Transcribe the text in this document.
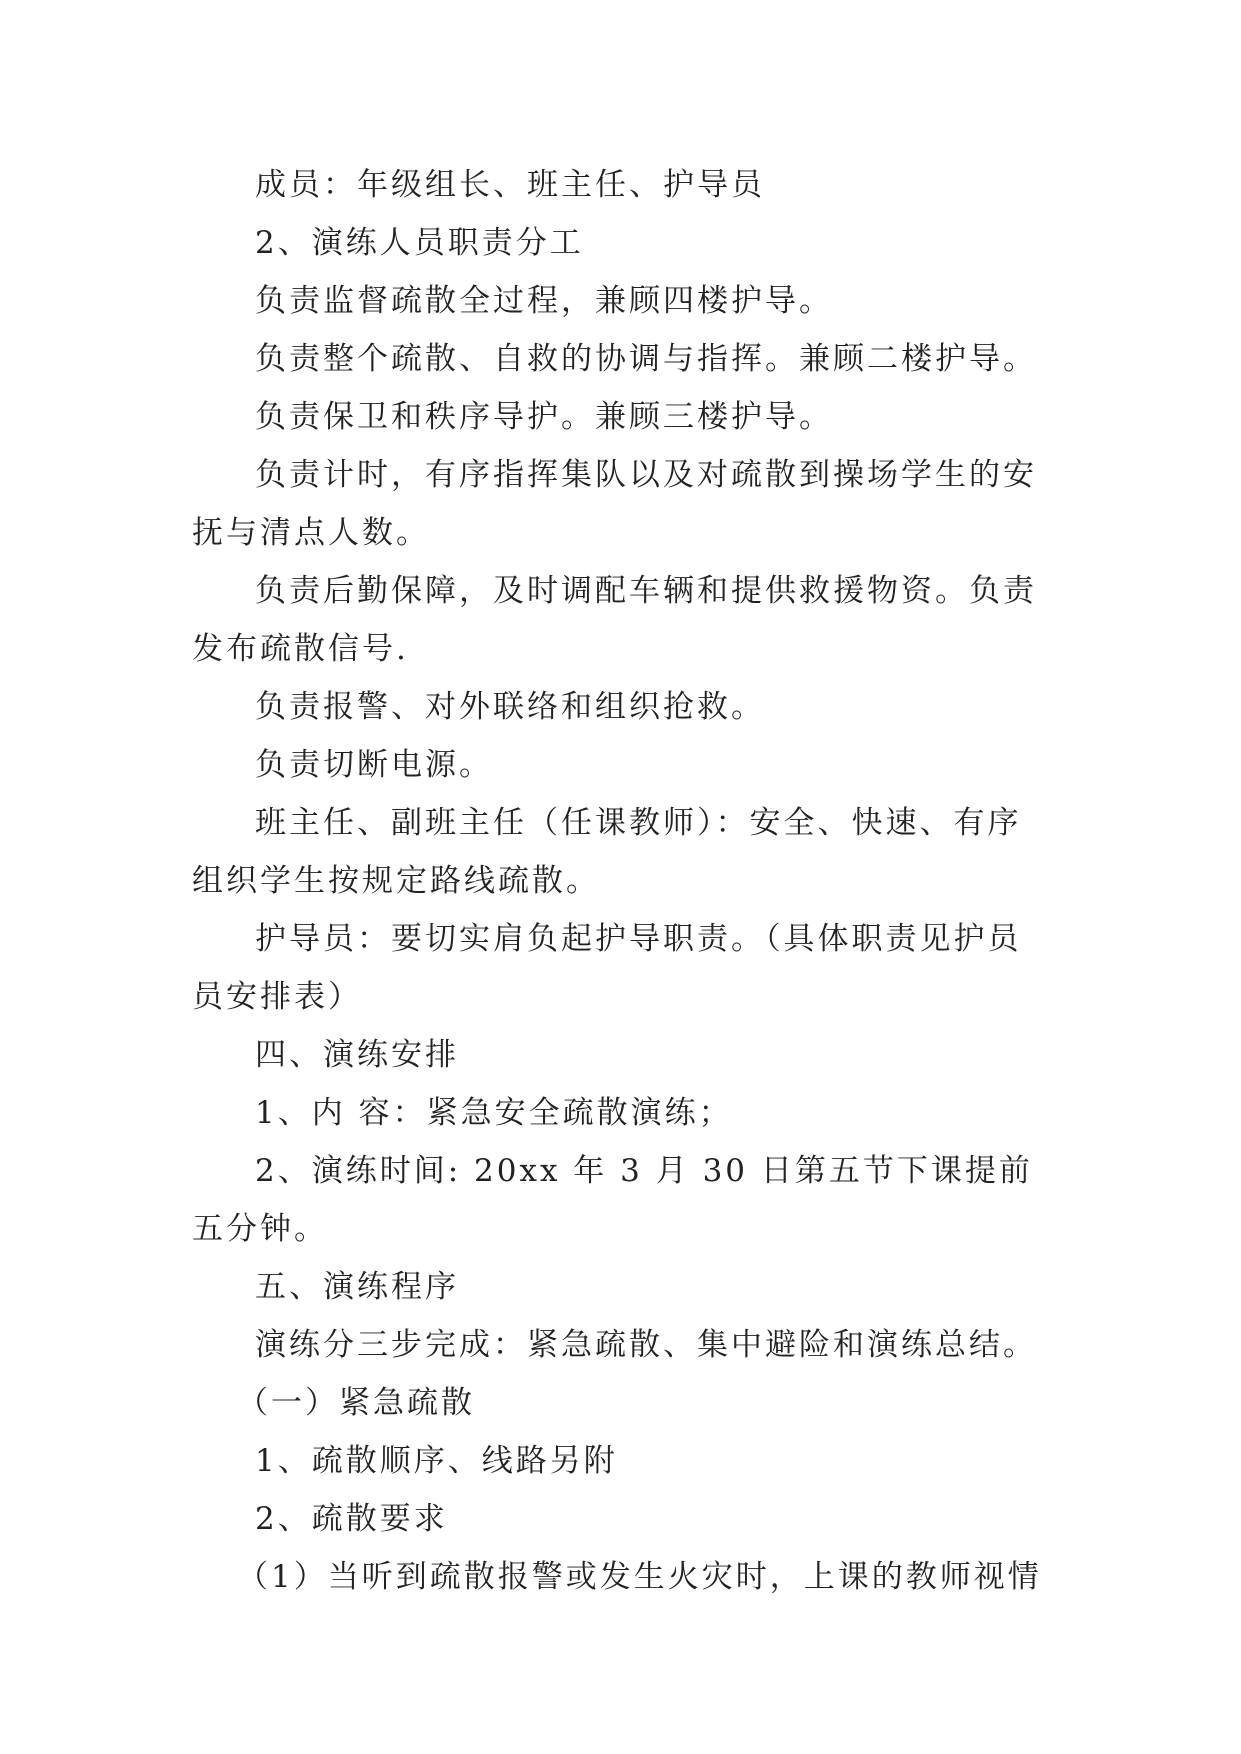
成员：年级组长、班主任、护导员

2、演练人员职责分工

负责监督疏散全过程，兼顾四楼护导。

负责整个疏散、自救的协调与指挥。兼顾二楼护导。

负责保卫和秩序导护。兼顾三楼护导。

负责计时，有序指挥集队以及对疏散到操场学生的安抚与清点人数。

负责后勤保障，及时调配车辆和提供救援物资。负责发布疏散信号.

负责报警、对外联络和组织抢救。

负责切断电源。

班主任、副班主任（任课教师）：安全、快速、有序组织学生按规定路线疏散。

护导员：要切实肩负起护导职责。（具体职责见护员员安排表）

四、演练安排

1、内 容：紧急安全疏散演练；

2、演练时间: 20xx 年 3 月 30 日第五节下课提前五分钟。

五、演练程序

演练分三步完成：紧急疏散、集中避险和演练总结。

（一）紧急疏散

1、疏散顺序、线路另附

2、疏散要求

（1）当听到疏散报警或发生火灾时，上课的教师视情
